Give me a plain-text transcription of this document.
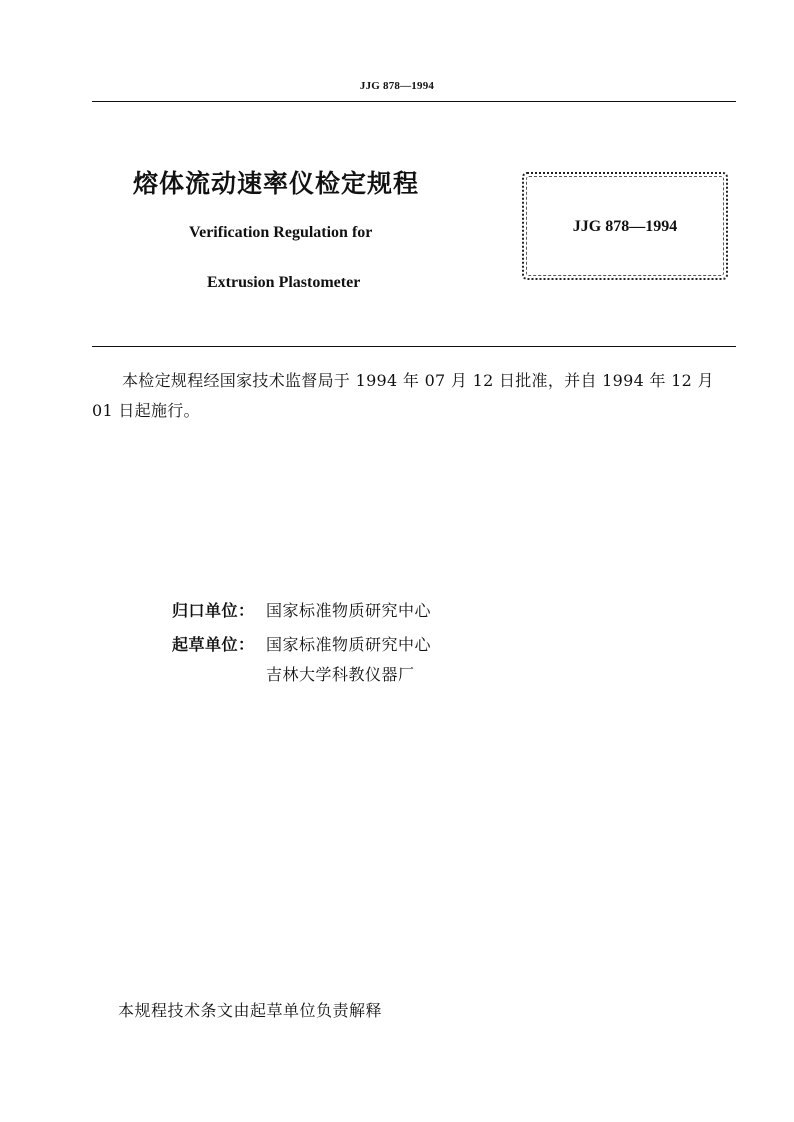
JJG 878—1994
熔体流动速率仪检定规程
Verification Regulation for
Extrusion Plastometer
JJG 878—1994
本检定规程经国家技术监督局于 1994 年 07 月 12 日批准，并自 1994 年 12 月 01 日起施行。
归口单位： 国家标准物质研究中心
起草单位： 国家标准物质研究中心
吉林大学科教仪器厂
本规程技术条文由起草单位负责解释
